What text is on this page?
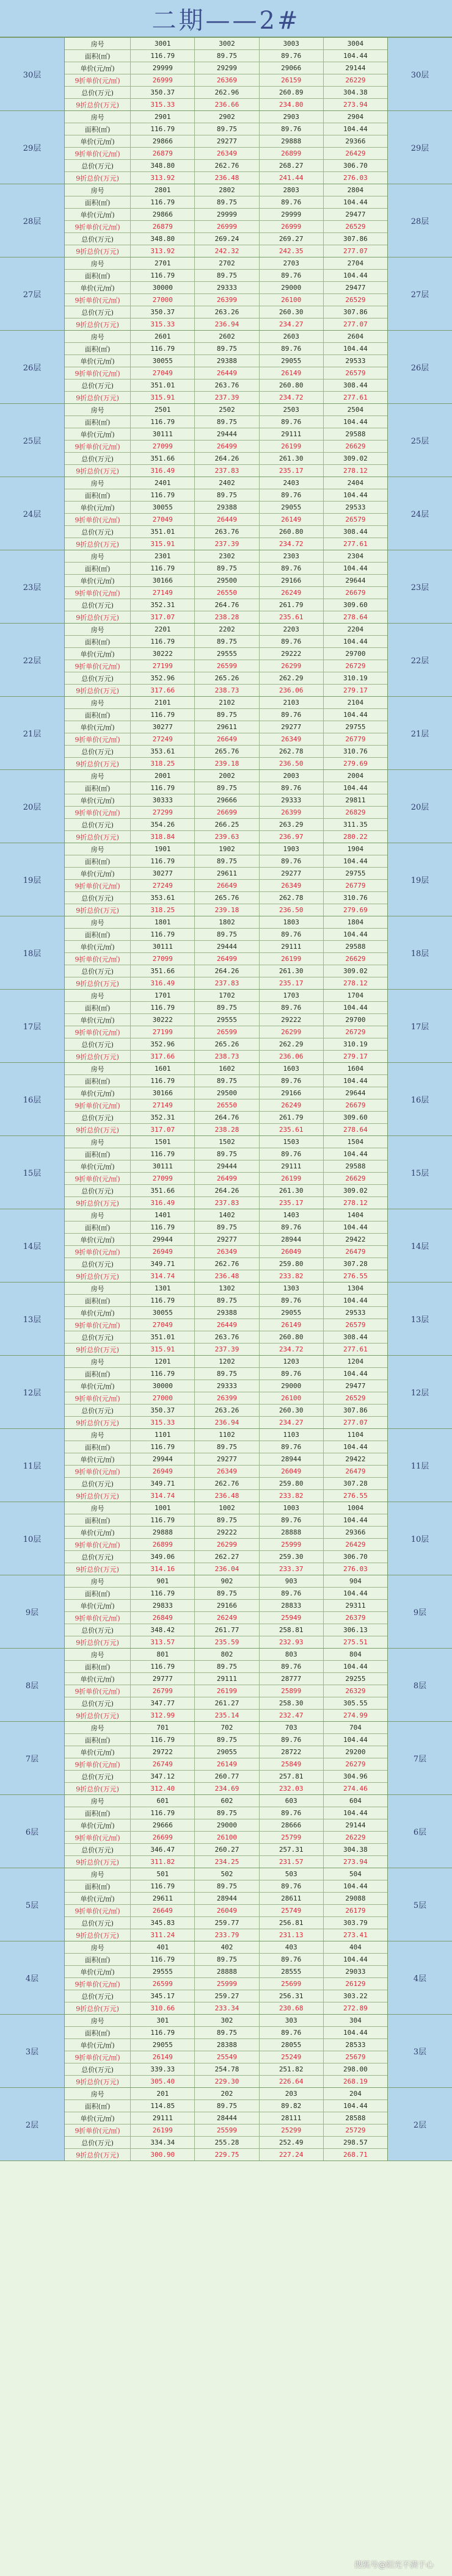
二期——2#
30层
房号	3001	3002	3003	3004
面积(㎡)	116.79	89.75	89.76	104.44
单价(元/㎡)	29999	29299	29066	29144
9折单价(元/㎡)	26999	26369	26159	26229
总价(万元)	350.37	262.96	260.89	304.38
9折总价(万元)	315.33	236.66	234.80	273.94
30层
29层
房号	2901	2902	2903	2904
面积(㎡)	116.79	89.75	89.76	104.44
单价(元/㎡)	29866	29277	29888	29366
9折单价(元/㎡)	26879	26349	26899	26429
总价(万元)	348.80	262.76	268.27	306.70
9折总价(万元)	313.92	236.48	241.44	276.03
29层
28层
房号	2801	2802	2803	2804
面积(㎡)	116.79	89.75	89.76	104.44
单价(元/㎡)	29866	29999	29999	29477
9折单价(元/㎡)	26879	26999	26999	26529
总价(万元)	348.80	269.24	269.27	307.86
9折总价(万元)	313.92	242.32	242.35	277.07
28层
27层
房号	2701	2702	2703	2704
面积(㎡)	116.79	89.75	89.76	104.44
单价(元/㎡)	30000	29333	29000	29477
9折单价(元/㎡)	27000	26399	26100	26529
总价(万元)	350.37	263.26	260.30	307.86
9折总价(万元)	315.33	236.94	234.27	277.07
27层
26层
房号	2601	2602	2603	2604
面积(㎡)	116.79	89.75	89.76	104.44
单价(元/㎡)	30055	29388	29055	29533
9折单价(元/㎡)	27049	26449	26149	26579
总价(万元)	351.01	263.76	260.80	308.44
9折总价(万元)	315.91	237.39	234.72	277.61
26层
25层
房号	2501	2502	2503	2504
面积(㎡)	116.79	89.75	89.76	104.44
单价(元/㎡)	30111	29444	29111	29588
9折单价(元/㎡)	27099	26499	26199	26629
总价(万元)	351.66	264.26	261.30	309.02
9折总价(万元)	316.49	237.83	235.17	278.12
25层
24层
房号	2401	2402	2403	2404
面积(㎡)	116.79	89.75	89.76	104.44
单价(元/㎡)	30055	29388	29055	29533
9折单价(元/㎡)	27049	26449	26149	26579
总价(万元)	351.01	263.76	260.80	308.44
9折总价(万元)	315.91	237.39	234.72	277.61
24层
23层
房号	2301	2302	2303	2304
面积(㎡)	116.79	89.75	89.76	104.44
单价(元/㎡)	30166	29500	29166	29644
9折单价(元/㎡)	27149	26550	26249	26679
总价(万元)	352.31	264.76	261.79	309.60
9折总价(万元)	317.07	238.28	235.61	278.64
23层
22层
房号	2201	2202	2203	2204
面积(㎡)	116.79	89.75	89.76	104.44
单价(元/㎡)	30222	29555	29222	29700
9折单价(元/㎡)	27199	26599	26299	26729
总价(万元)	352.96	265.26	262.29	310.19
9折总价(万元)	317.66	238.73	236.06	279.17
22层
21层
房号	2101	2102	2103	2104
面积(㎡)	116.79	89.75	89.76	104.44
单价(元/㎡)	30277	29611	29277	29755
9折单价(元/㎡)	27249	26649	26349	26779
总价(万元)	353.61	265.76	262.78	310.76
9折总价(万元)	318.25	239.18	236.50	279.69
21层
20层
房号	2001	2002	2003	2004
面积(㎡)	116.79	89.75	89.76	104.44
单价(元/㎡)	30333	29666	29333	29811
9折单价(元/㎡)	27299	26699	26399	26829
总价(万元)	354.26	266.25	263.29	311.35
9折总价(万元)	318.84	239.63	236.97	280.22
20层
19层
房号	1901	1902	1903	1904
面积(㎡)	116.79	89.75	89.76	104.44
单价(元/㎡)	30277	29611	29277	29755
9折单价(元/㎡)	27249	26649	26349	26779
总价(万元)	353.61	265.76	262.78	310.76
9折总价(万元)	318.25	239.18	236.50	279.69
19层
18层
房号	1801	1802	1803	1804
面积(㎡)	116.79	89.75	89.76	104.44
单价(元/㎡)	30111	29444	29111	29588
9折单价(元/㎡)	27099	26499	26199	26629
总价(万元)	351.66	264.26	261.30	309.02
9折总价(万元)	316.49	237.83	235.17	278.12
18层
17层
房号	1701	1702	1703	1704
面积(㎡)	116.79	89.75	89.76	104.44
单价(元/㎡)	30222	29555	29222	29700
9折单价(元/㎡)	27199	26599	26299	26729
总价(万元)	352.96	265.26	262.29	310.19
9折总价(万元)	317.66	238.73	236.06	279.17
17层
16层
房号	1601	1602	1603	1604
面积(㎡)	116.79	89.75	89.76	104.44
单价(元/㎡)	30166	29500	29166	29644
9折单价(元/㎡)	27149	26550	26249	26679
总价(万元)	352.31	264.76	261.79	309.60
9折总价(万元)	317.07	238.28	235.61	278.64
16层
15层
房号	1501	1502	1503	1504
面积(㎡)	116.79	89.75	89.76	104.44
单价(元/㎡)	30111	29444	29111	29588
9折单价(元/㎡)	27099	26499	26199	26629
总价(万元)	351.66	264.26	261.30	309.02
9折总价(万元)	316.49	237.83	235.17	278.12
15层
14层
房号	1401	1402	1403	1404
面积(㎡)	116.79	89.75	89.76	104.44
单价(元/㎡)	29944	29277	28944	29422
9折单价(元/㎡)	26949	26349	26049	26479
总价(万元)	349.71	262.76	259.80	307.28
9折总价(万元)	314.74	236.48	233.82	276.55
14层
13层
房号	1301	1302	1303	1304
面积(㎡)	116.79	89.75	89.76	104.44
单价(元/㎡)	30055	29388	29055	29533
9折单价(元/㎡)	27049	26449	26149	26579
总价(万元)	351.01	263.76	260.80	308.44
9折总价(万元)	315.91	237.39	234.72	277.61
13层
12层
房号	1201	1202	1203	1204
面积(㎡)	116.79	89.75	89.76	104.44
单价(元/㎡)	30000	29333	29000	29477
9折单价(元/㎡)	27000	26399	26100	26529
总价(万元)	350.37	263.26	260.30	307.86
9折总价(万元)	315.33	236.94	234.27	277.07
12层
11层
房号	1101	1102	1103	1104
面积(㎡)	116.79	89.75	89.76	104.44
单价(元/㎡)	29944	29277	28944	29422
9折单价(元/㎡)	26949	26349	26049	26479
总价(万元)	349.71	262.76	259.80	307.28
9折总价(万元)	314.74	236.48	233.82	276.55
11层
10层
房号	1001	1002	1003	1004
面积(㎡)	116.79	89.75	89.76	104.44
单价(元/㎡)	29888	29222	28888	29366
9折单价(元/㎡)	26899	26299	25999	26429
总价(万元)	349.06	262.27	259.30	306.70
9折总价(万元)	314.16	236.04	233.37	276.03
10层
9层
房号	901	902	903	904
面积(㎡)	116.79	89.75	89.76	104.44
单价(元/㎡)	29833	29166	28833	29311
9折单价(元/㎡)	26849	26249	25949	26379
总价(万元)	348.42	261.77	258.81	306.13
9折总价(万元)	313.57	235.59	232.93	275.51
9层
8层
房号	801	802	803	804
面积(㎡)	116.79	89.75	89.76	104.44
单价(元/㎡)	29777	29111	28777	29255
9折单价(元/㎡)	26799	26199	25899	26329
总价(万元)	347.77	261.27	258.30	305.55
9折总价(万元)	312.99	235.14	232.47	274.99
8层
7层
房号	701	702	703	704
面积(㎡)	116.79	89.75	89.76	104.44
单价(元/㎡)	29722	29055	28722	29200
9折单价(元/㎡)	26749	26149	25849	26279
总价(万元)	347.12	260.77	257.81	304.96
9折总价(万元)	312.40	234.69	232.03	274.46
7层
6层
房号	601	602	603	604
面积(㎡)	116.79	89.75	89.76	104.44
单价(元/㎡)	29666	29000	28666	29144
9折单价(元/㎡)	26699	26100	25799	26229
总价(万元)	346.47	260.27	257.31	304.38
9折总价(万元)	311.82	234.25	231.57	273.94
6层
5层
房号	501	502	503	504
面积(㎡)	116.79	89.75	89.76	104.44
单价(元/㎡)	29611	28944	28611	29088
9折单价(元/㎡)	26649	26049	25749	26179
总价(万元)	345.83	259.77	256.81	303.79
9折总价(万元)	311.24	233.79	231.13	273.41
5层
4层
房号	401	402	403	404
面积(㎡)	116.79	89.75	89.76	104.44
单价(元/㎡)	29555	28888	28555	29033
9折单价(元/㎡)	26599	25999	25699	26129
总价(万元)	345.17	259.27	256.31	303.22
9折总价(万元)	310.66	233.34	230.68	272.89
4层
3层
房号	301	302	303	304
面积(㎡)	116.79	89.75	89.76	104.44
单价(元/㎡)	29055	28388	28055	28533
9折单价(元/㎡)	26149	25549	25249	25679
总价(万元)	339.33	254.78	251.82	298.00
9折总价(万元)	305.40	229.30	226.64	268.19
3层
2层
房号	201	202	203	204
面积(㎡)	114.85	89.75	89.82	104.44
单价(元/㎡)	29111	28444	28111	28588
9折单价(元/㎡)	26199	25599	25299	25729
总价(万元)	334.34	255.28	252.49	298.57
9折总价(万元)	300.90	229.75	227.24	268.71
2层
搜狐号@阳光不满于心
